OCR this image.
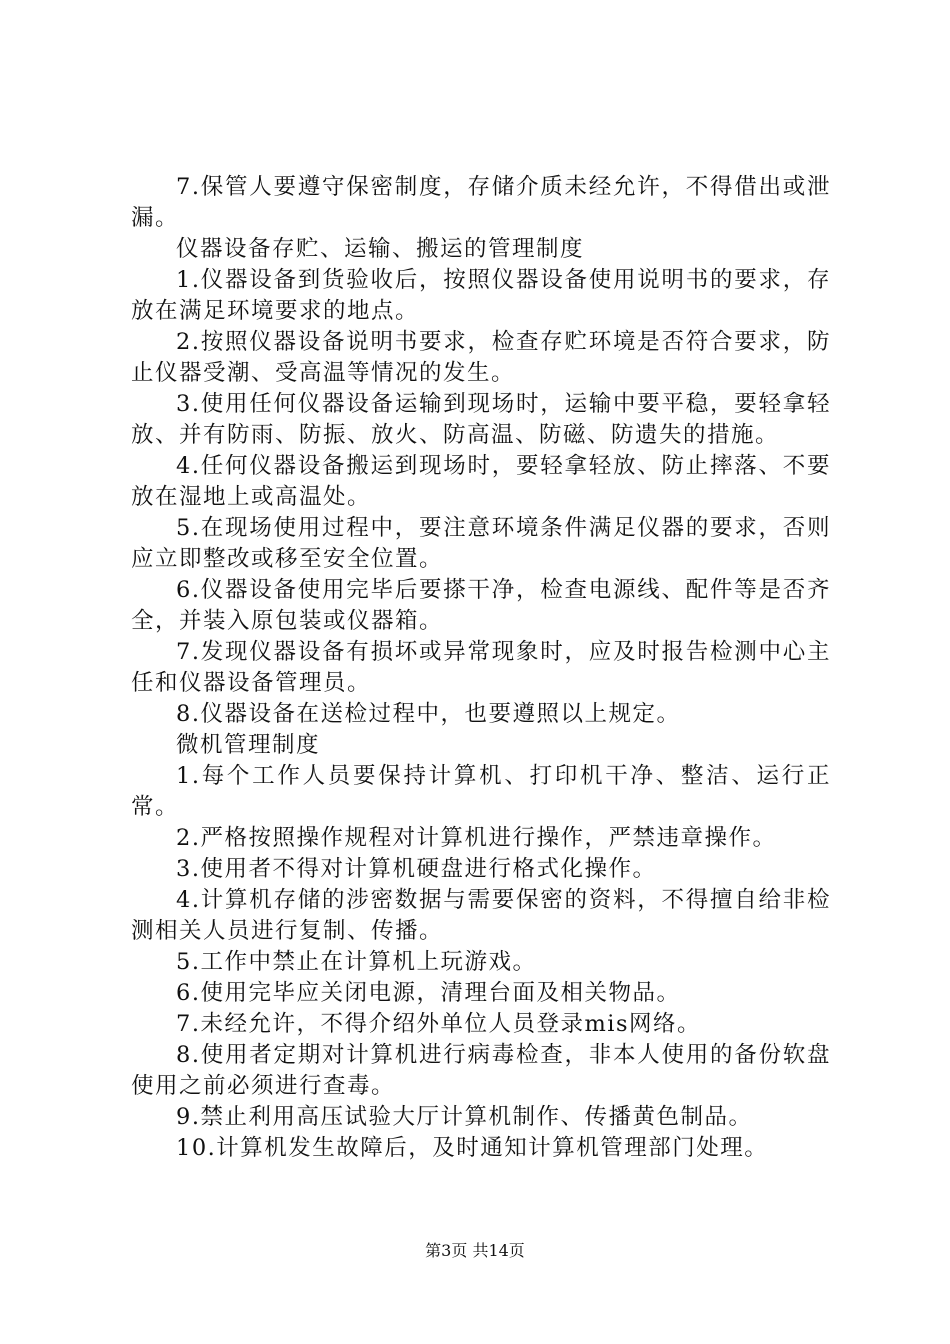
7.保管人要遵守保密制度，存储介质未经允许，不得借出或泄漏。

仪器设备存贮、运输、搬运的管理制度

1.仪器设备到货验收后，按照仪器设备使用说明书的要求，存放在满足环境要求的地点。

2.按照仪器设备说明书要求，检查存贮环境是否符合要求，防止仪器受潮、受高温等情况的发生。

3.使用任何仪器设备运输到现场时，运输中要平稳，要轻拿轻放、并有防雨、防振、放火、防高温、防磁、防遗失的措施。

4.任何仪器设备搬运到现场时，要轻拿轻放、防止摔落、不要放在湿地上或高温处。

5.在现场使用过程中，要注意环境条件满足仪器的要求，否则应立即整改或移至安全位置。

6.仪器设备使用完毕后要搽干净，检查电源线、配件等是否齐全，并装入原包装或仪器箱。

7.发现仪器设备有损坏或异常现象时，应及时报告检测中心主任和仪器设备管理员。

8.仪器设备在送检过程中，也要遵照以上规定。

微机管理制度

1.每个工作人员要保持计算机、打印机干净、整洁、运行正常。

2.严格按照操作规程对计算机进行操作，严禁违章操作。

3.使用者不得对计算机硬盘进行格式化操作。

4.计算机存储的涉密数据与需要保密的资料，不得擅自给非检测相关人员进行复制、传播。

5.工作中禁止在计算机上玩游戏。

6.使用完毕应关闭电源，清理台面及相关物品。

7.未经允许，不得介绍外单位人员登录mis网络。

8.使用者定期对计算机进行病毒检查，非本人使用的备份软盘使用之前必须进行查毒。

9.禁止利用高压试验大厅计算机制作、传播黄色制品。

10.计算机发生故障后，及时通知计算机管理部门处理。

第3页 共14页
